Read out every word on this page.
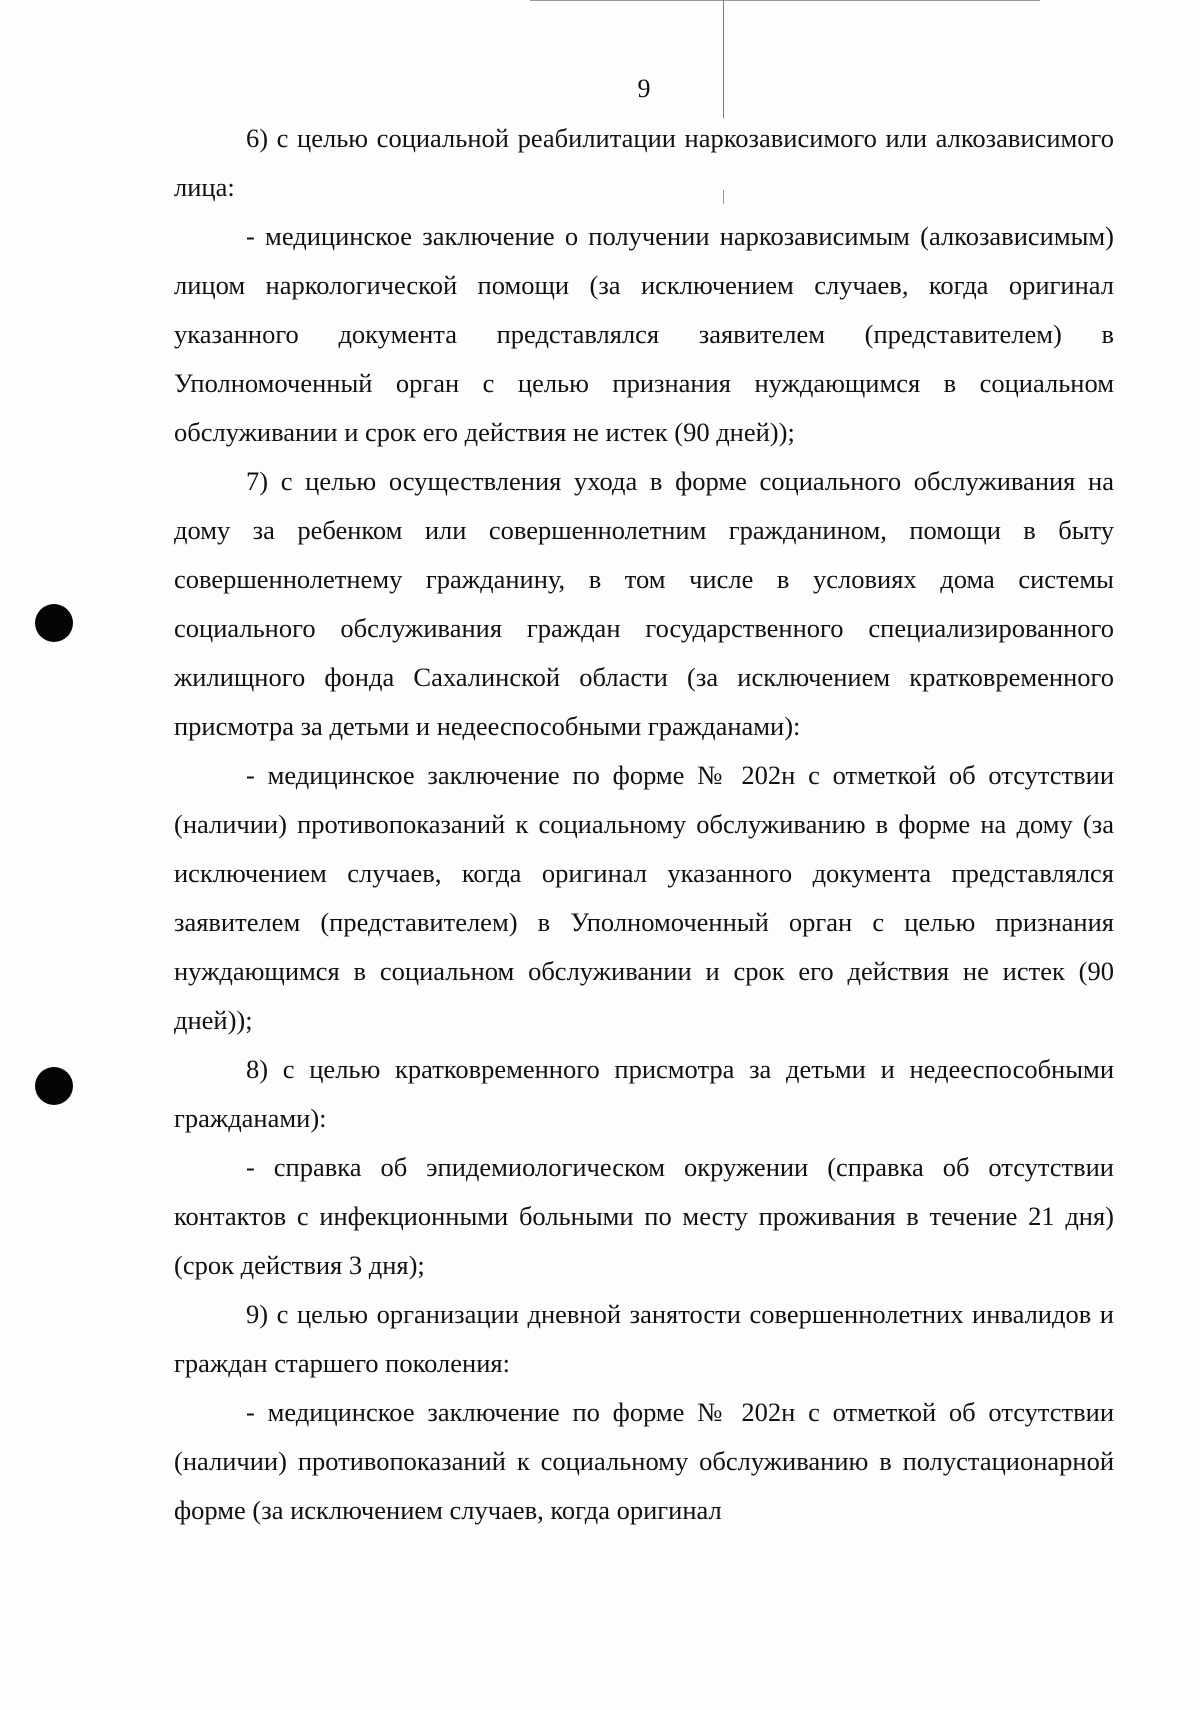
9

6) с целью социальной реабилитации наркозависимого или алкозависимого лица:

- медицинское заключение о получении наркозависимым (алкозависимым) лицом наркологической помощи (за исключением случаев, когда оригинал указанного документа представлялся заявителем (представителем) в Уполномоченный орган с целью признания нуждающимся в социальном обслуживании и срок его действия не истек (90 дней));

7) с целью осуществления ухода в форме социального обслуживания на дому за ребенком или совершеннолетним гражданином, помощи в быту совершеннолетнему гражданину, в том числе в условиях дома системы социального обслуживания граждан государственного специализированного жилищного фонда Сахалинской области (за исключением кратковременного присмотра за детьми и недееспособными гражданами):

- медицинское заключение по форме № 202н с отметкой об отсутствии (наличии) противопоказаний к социальному обслуживанию в форме на дому (за исключением случаев, когда оригинал указанного документа представлялся заявителем (представителем) в Уполномоченный орган с целью признания нуждающимся в социальном обслуживании и срок его действия не истек (90 дней));

8) с целью кратковременного присмотра за детьми и недееспособными гражданами):

- справка об эпидемиологическом окружении (справка об отсутствии контактов с инфекционными больными по месту проживания в течение 21 дня) (срок действия 3 дня);

9) с целью организации дневной занятости совершеннолетних инвалидов и граждан старшего поколения:

- медицинское заключение по форме № 202н с отметкой об отсутствии (наличии) противопоказаний к социальному обслуживанию в полустационарной форме (за исключением случаев, когда оригинал
